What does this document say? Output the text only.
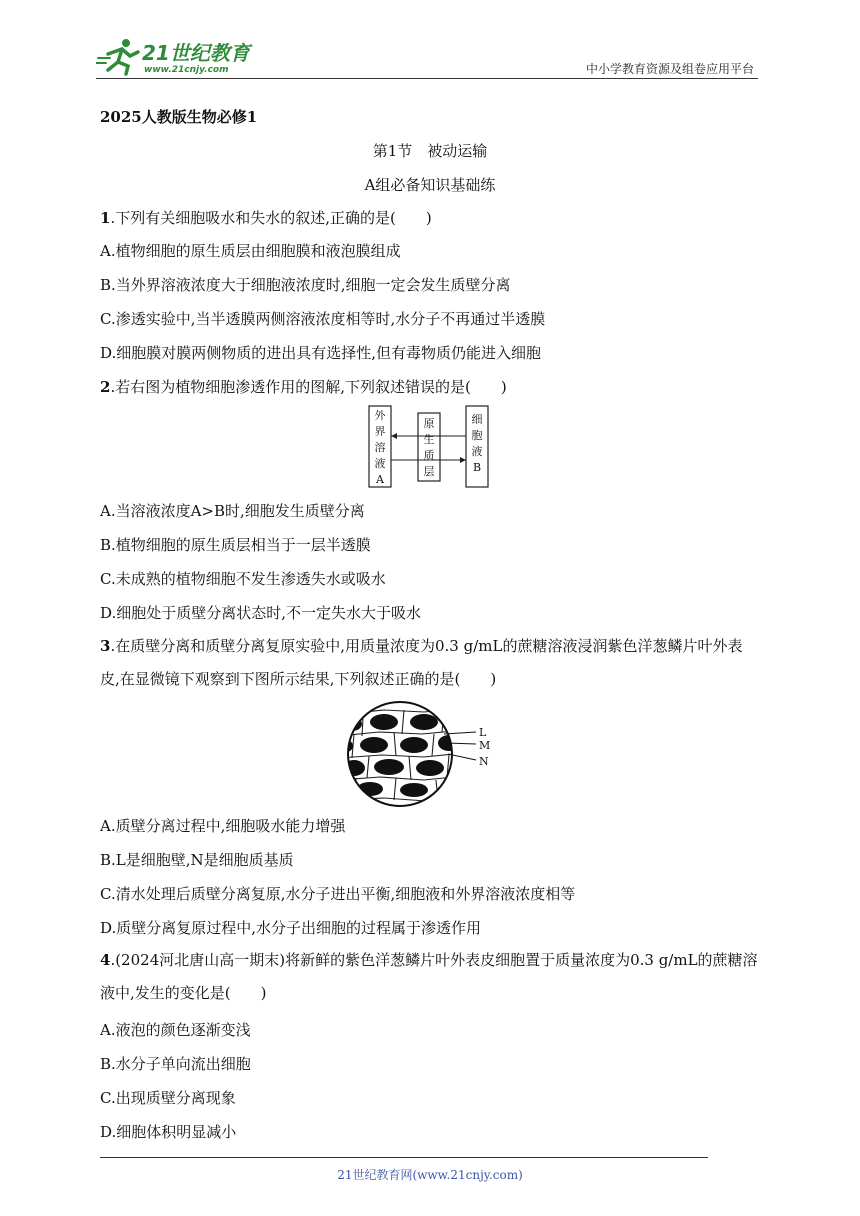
21世纪教育
www.21cnjy.com	中小学教育资源及组卷应用平台
2025人教版生物必修1
第1节　被动运输
A组必备知识基础练
1.下列有关细胞吸水和失水的叙述,正确的是(　　)
A.植物细胞的原生质层由细胞膜和液泡膜组成
B.当外界溶液浓度大于细胞液浓度时,细胞一定会发生质壁分离
C.渗透实验中,当半透膜两侧溶液浓度相等时,水分子不再通过半透膜
D.细胞膜对膜两侧物质的进出具有选择性,但有毒物质仍能进入细胞
2.若右图为植物细胞渗透作用的图解,下列叙述错误的是(　　)
外
界
溶
液
A
原
生
质
层
细
胞
液
B
A.当溶液浓度A>B时,细胞发生质壁分离
B.植物细胞的原生质层相当于一层半透膜
C.未成熟的植物细胞不发生渗透失水或吸水
D.细胞处于质壁分离状态时,不一定失水大于吸水
3.在质壁分离和质壁分离复原实验中,用质量浓度为0.3 g/mL的蔗糖溶液浸润紫色洋葱鳞片叶外表皮,在显微镜下观察到下图所示结果,下列叙述正确的是(　　)
L
M
N
A.质壁分离过程中,细胞吸水能力增强
B.L是细胞壁,N是细胞质基质
C.清水处理后质壁分离复原,水分子进出平衡,细胞液和外界溶液浓度相等
D.质壁分离复原过程中,水分子出细胞的过程属于渗透作用
4.(2024河北唐山高一期末)将新鲜的紫色洋葱鳞片叶外表皮细胞置于质量浓度为0.3 g/mL的蔗糖溶液中,发生的变化是(　　)
A.液泡的颜色逐渐变浅
B.水分子单向流出细胞
C.出现质壁分离现象
D.细胞体积明显减小
21世纪教育网(www.21cnjy.com)
